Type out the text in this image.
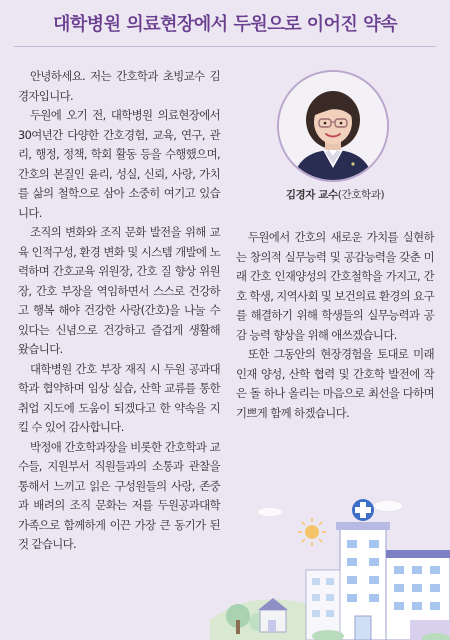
대학병원 의료현장에서 두원으로 이어진 약속

안녕하세요. 저는 간호학과 초빙교수 김경자입니다.

두원에 오기 전, 대학병원 의료현장에서 30여년간 다양한 간호경험, 교육, 연구, 관리, 행정, 정책, 학회 활동 등을 수행했으며, 간호의 본질인 윤리, 성실, 신뢰, 사랑, 가치를 삶의 철학으로 삼아 소중히 여기고 있습니다.

조직의 변화와 조직 문화 발전을 위해 교육 인적구성, 환경 변화 및 시스템 개발에 노력하며 간호교육 위원장, 간호 질 향상 위원장, 간호 부장을 역임하면서 스스로 건강하고 행복 해야 건강한 사랑(간호)을 나눌 수 있다는 신념으로 건강하고 즐겁게 생활해 왔습니다.

대학병원 간호 부장 재직 시 두원 공과대학과 협약하며 임상 실습, 산학 교류를 통한 취업 지도에 도움이 되겠다고 한 약속을 지킬 수 있어 감사합니다.

박정애 간호학과장을 비롯한 간호학과 교수들, 지원부서 직원들과의 소통과 관찰을 통해서 느끼고 읽은 구성원들의 사랑, 존중과 배려의 조직 문화는 저를 두원공과대학 가족으로 함께하게 이끈 가장 큰 동기가 된 것 같습니다.

김경자 교수(간호학과)

두원에서 간호의 새로운 가치를 실현하는 창의적 실무능력 및 공감능력을 갖춘 미래 간호 인재양성의 간호철학을 가지고, 간호 학생, 지역사회 및 보건의료 환경의 요구를 해결하기 위해 학생들의 실무능력과 공감 능력 향상을 위해 애쓰겠습니다.

또한 그동안의 현장경험을 토대로 미래인재 양성, 산학 협력 및 간호학 발전에 작은 돌 하나 올리는 마음으로 최선을 다하며 기쁘게 함께 하겠습니다.
